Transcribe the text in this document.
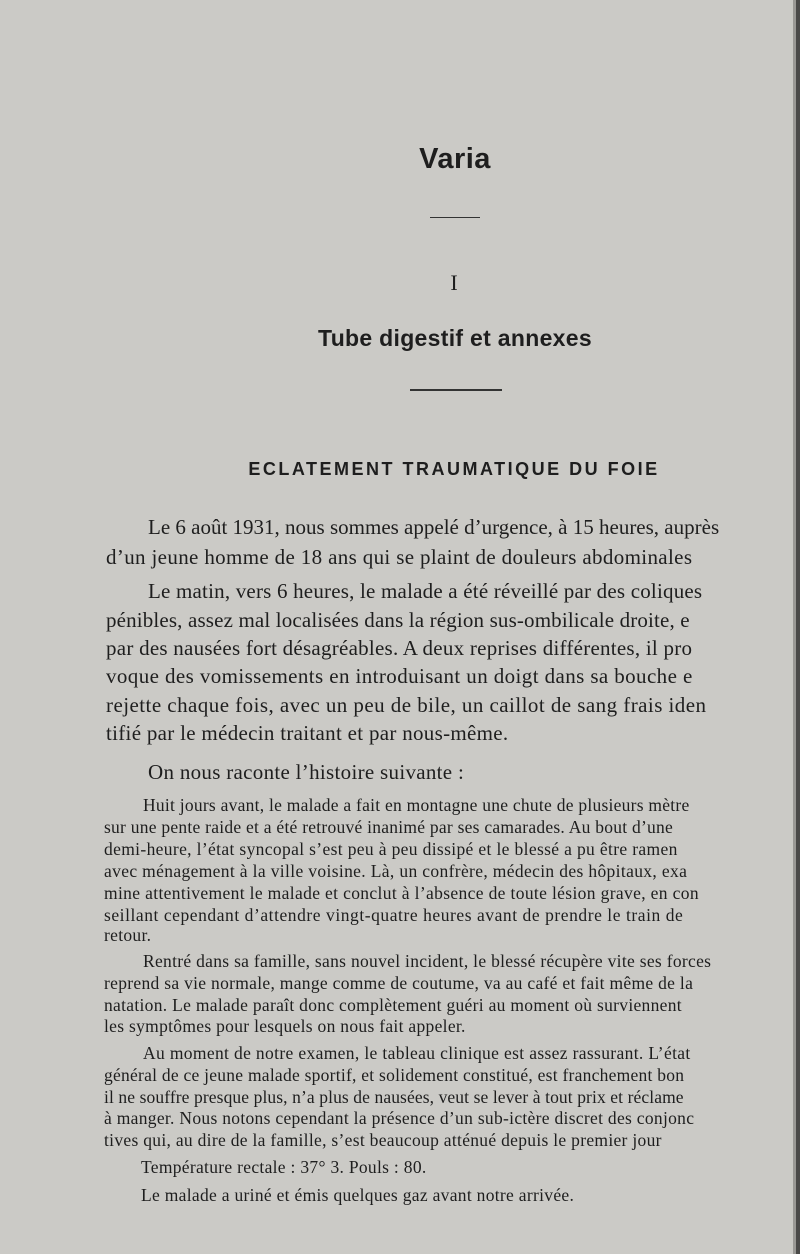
Varia
I
Tube digestif et annexes
ECLATEMENT TRAUMATIQUE DU FOIE
Le 6 août 1931, nous sommes appelé d’urgence, à 15 heures, auprès
d’un jeune homme de 18 ans qui se plaint de douleurs abdominales
Le matin, vers 6 heures, le malade a été réveillé par des coliques
pénibles, assez mal localisées dans la région sus-ombilicale droite, e
par des nausées fort désagréables. A deux reprises différentes, il pro
voque des vomissements en introduisant un doigt dans sa bouche e
rejette chaque fois, avec un peu de bile, un caillot de sang frais iden
tifié par le médecin traitant et par nous-même.
On nous raconte l’histoire suivante :
Huit jours avant, le malade a fait en montagne une chute de plusieurs mètre
sur une pente raide et a été retrouvé inanimé par ses camarades. Au bout d’une
demi-heure, l’état syncopal s’est peu à peu dissipé et le blessé a pu être ramen
avec ménagement à la ville voisine. Là, un confrère, médecin des hôpitaux, exa
mine attentivement le malade et conclut à l’absence de toute lésion grave, en con
seillant cependant d’attendre vingt-quatre heures avant de prendre le train de
retour.
Rentré dans sa famille, sans nouvel incident, le blessé récupère vite ses forces
reprend sa vie normale, mange comme de coutume, va au café et fait même de la
natation. Le malade paraît donc complètement guéri au moment où surviennent
les symptômes pour lesquels on nous fait appeler.
Au moment de notre examen, le tableau clinique est assez rassurant. L’état
général de ce jeune malade sportif, et solidement constitué, est franchement bon
il ne souffre presque plus, n’a plus de nausées, veut se lever à tout prix et réclame
à manger. Nous notons cependant la présence d’un sub-ictère discret des conjonc
tives qui, au dire de la famille, s’est beaucoup atténué depuis le premier jour
Température rectale : 37° 3. Pouls : 80.
Le malade a uriné et émis quelques gaz avant notre arrivée.
